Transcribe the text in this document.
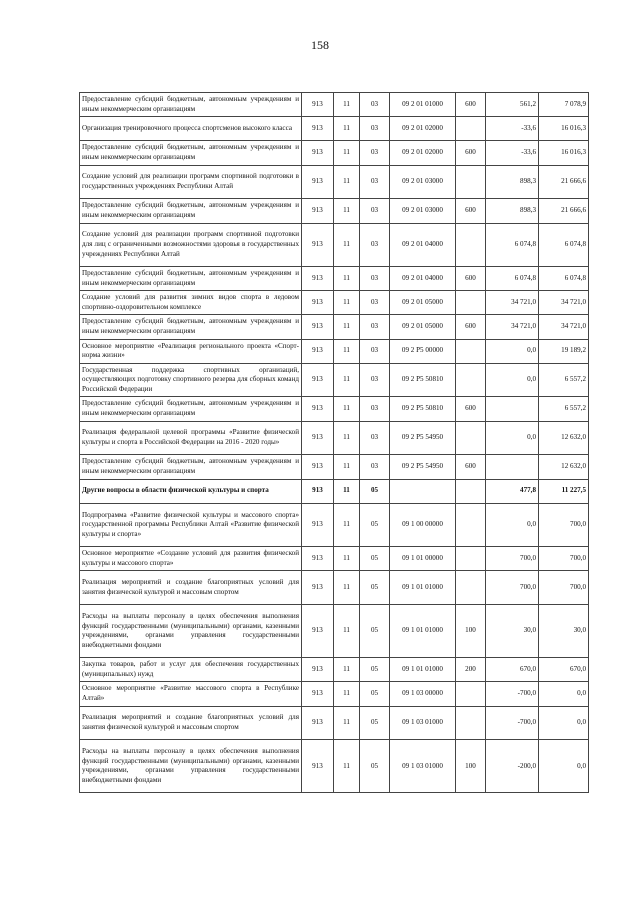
158
Предоставление субсидий бюджетным, автономным учреждениям и иным некоммерческим организациям	913	11	03	09 2 01 01000	600	561,2	7 078,9
Организация тренировочного процесса спортсменов высокого класса	913	11	03	09 2 01 02000		-33,6	16 016,3
Предоставление субсидий бюджетным, автономным учреждениям и иным некоммерческим организациям	913	11	03	09 2 01 02000	600	-33,6	16 016,3
Создание условий для реализации программ спортивной подготовки в государственных учреждениях Республики Алтай	913	11	03	09 2 01 03000		898,3	21 666,6
Предоставление субсидий бюджетным, автономным учреждениям и иным некоммерческим организациям	913	11	03	09 2 01 03000	600	898,3	21 666,6
Создание условий для реализации программ спортивной подготовки для лиц с ограниченными возможностями здоровья в государственных учреждениях Республики Алтай	913	11	03	09 2 01 04000		6 074,8	6 074,8
Предоставление субсидий бюджетным, автономным учреждениям и иным некоммерческим организациям	913	11	03	09 2 01 04000	600	6 074,8	6 074,8
Создание условий для развития зимних видов спорта в ледовом спортивно-оздоровительном комплексе	913	11	03	09 2 01 05000		34 721,0	34 721,0
Предоставление субсидий бюджетным, автономным учреждениям и иным некоммерческим организациям	913	11	03	09 2 01 05000	600	34 721,0	34 721,0
Основное мероприятие «Реализация регионального проекта «Спорт-норма жизни»	913	11	03	09 2 P5 00000		0,0	19 189,2
Государственная поддержка спортивных организаций, осуществляющих подготовку спортивного резерва для сборных команд Российской Федерации	913	11	03	09 2 P5 50810		0,0	6 557,2
Предоставление субсидий бюджетным, автономным учреждениям и иным некоммерческим организациям	913	11	03	09 2 P5 50810	600		6 557,2
Реализация федеральной целевой программы «Развитие физической культуры и спорта в Российской Федерации на 2016 - 2020 годы»	913	11	03	09 2 P5 54950		0,0	12 632,0
Предоставление субсидий бюджетным, автономным учреждениям и иным некоммерческим организациям	913	11	03	09 2 P5 54950	600		12 632,0
Другие вопросы в области физической культуры и спорта	913	11	05			477,8	11 227,5
Подпрограмма «Развитие физической культуры и массового спорта» государственной программы Республики Алтай «Развитие физической культуры и спорта»	913	11	05	09 1 00 00000		0,0	700,0
Основное мероприятие «Создание условий для развития физической культуры и массового спорта»	913	11	05	09 1 01 00000		700,0	700,0
Реализация мероприятий и создание благоприятных условий для занятия физической культурой и массовым спортом	913	11	05	09 1 01 01000		700,0	700,0
Расходы на выплаты персоналу в целях обеспечения выполнения функций государственными (муниципальными) органами, казенными учреждениями, органами управления государственными внебюджетными фондами	913	11	05	09 1 01 01000	100	30,0	30,0
Закупка товаров, работ и услуг для обеспечения государственных (муниципальных) нужд	913	11	05	09 1 01 01000	200	670,0	670,0
Основное мероприятие «Развитие массового спорта в Республике Алтай»	913	11	05	09 1 03 00000		-700,0	0,0
Реализация мероприятий и создание благоприятных условий для занятия физической культурой и массовым спортом	913	11	05	09 1 03 01000		-700,0	0,0
Расходы на выплаты персоналу в целях обеспечения выполнения функций государственными (муниципальными) органами, казенными учреждениями, органами управления государственными внебюджетными фондами	913	11	05	09 1 03 01000	100	-200,0	0,0
